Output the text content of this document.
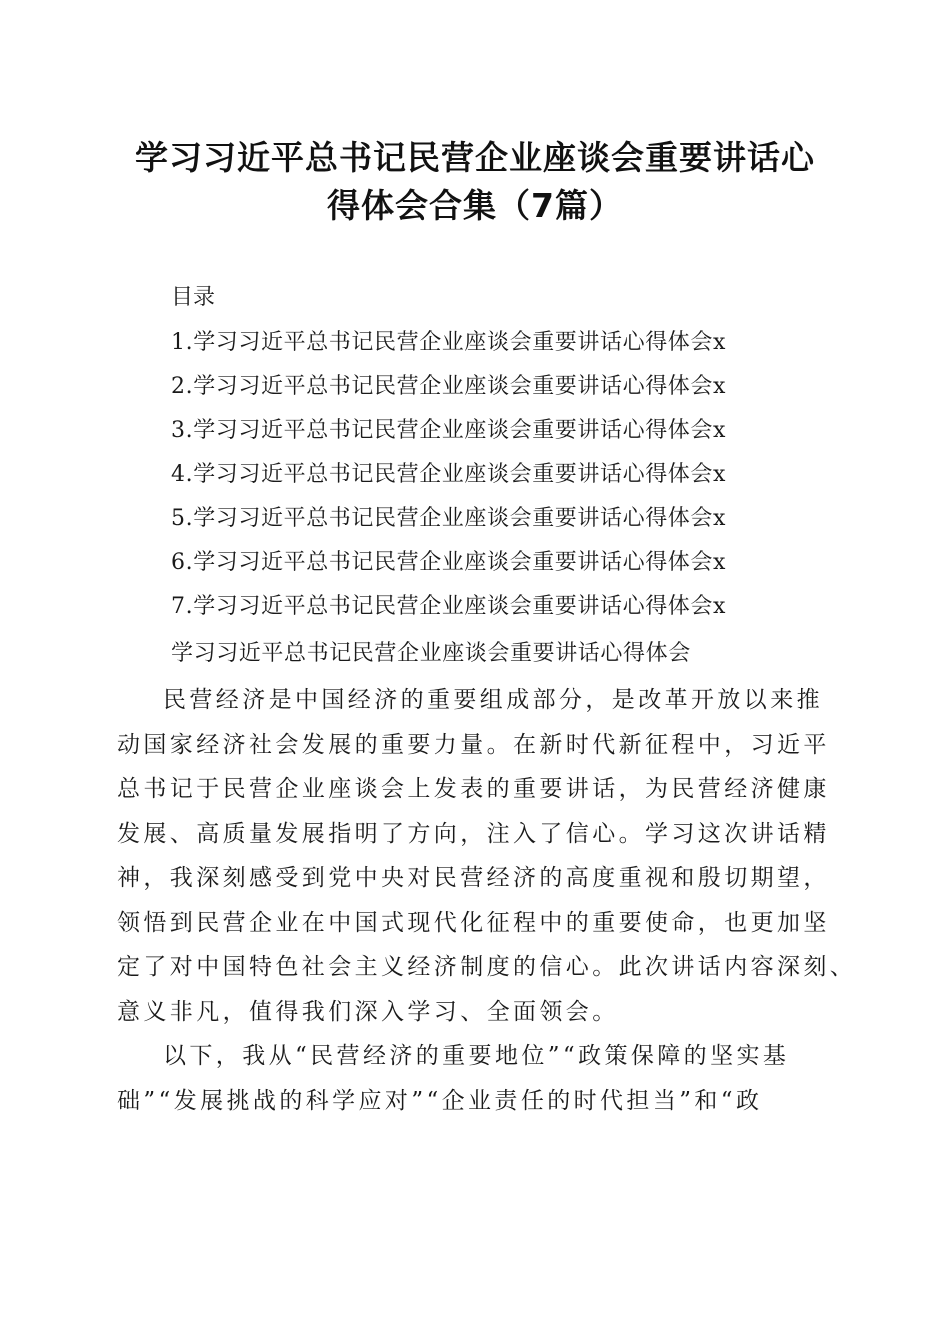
学习习近平总书记民营企业座谈会重要讲话心
得体会合集（7篇）
目录
1.学习习近平总书记民营企业座谈会重要讲话心得体会x
2.学习习近平总书记民营企业座谈会重要讲话心得体会x
3.学习习近平总书记民营企业座谈会重要讲话心得体会x
4.学习习近平总书记民营企业座谈会重要讲话心得体会x
5.学习习近平总书记民营企业座谈会重要讲话心得体会x
6.学习习近平总书记民营企业座谈会重要讲话心得体会x
7.学习习近平总书记民营企业座谈会重要讲话心得体会x
学习习近平总书记民营企业座谈会重要讲话心得体会
民营经济是中国经济的重要组成部分，是改革开放以来推
动国家经济社会发展的重要力量。在新时代新征程中，习近平
总书记于民营企业座谈会上发表的重要讲话，为民营经济健康
发展、高质量发展指明了方向，注入了信心。学习这次讲话精
神，我深刻感受到党中央对民营经济的高度重视和殷切期望，
领悟到民营企业在中国式现代化征程中的重要使命，也更加坚
定了对中国特色社会主义经济制度的信心。此次讲话内容深刻、
意义非凡，值得我们深入学习、全面领会。
以下，我从“民营经济的重要地位”“政策保障的坚实基
础”“发展挑战的科学应对”“企业责任的时代担当”和“政
